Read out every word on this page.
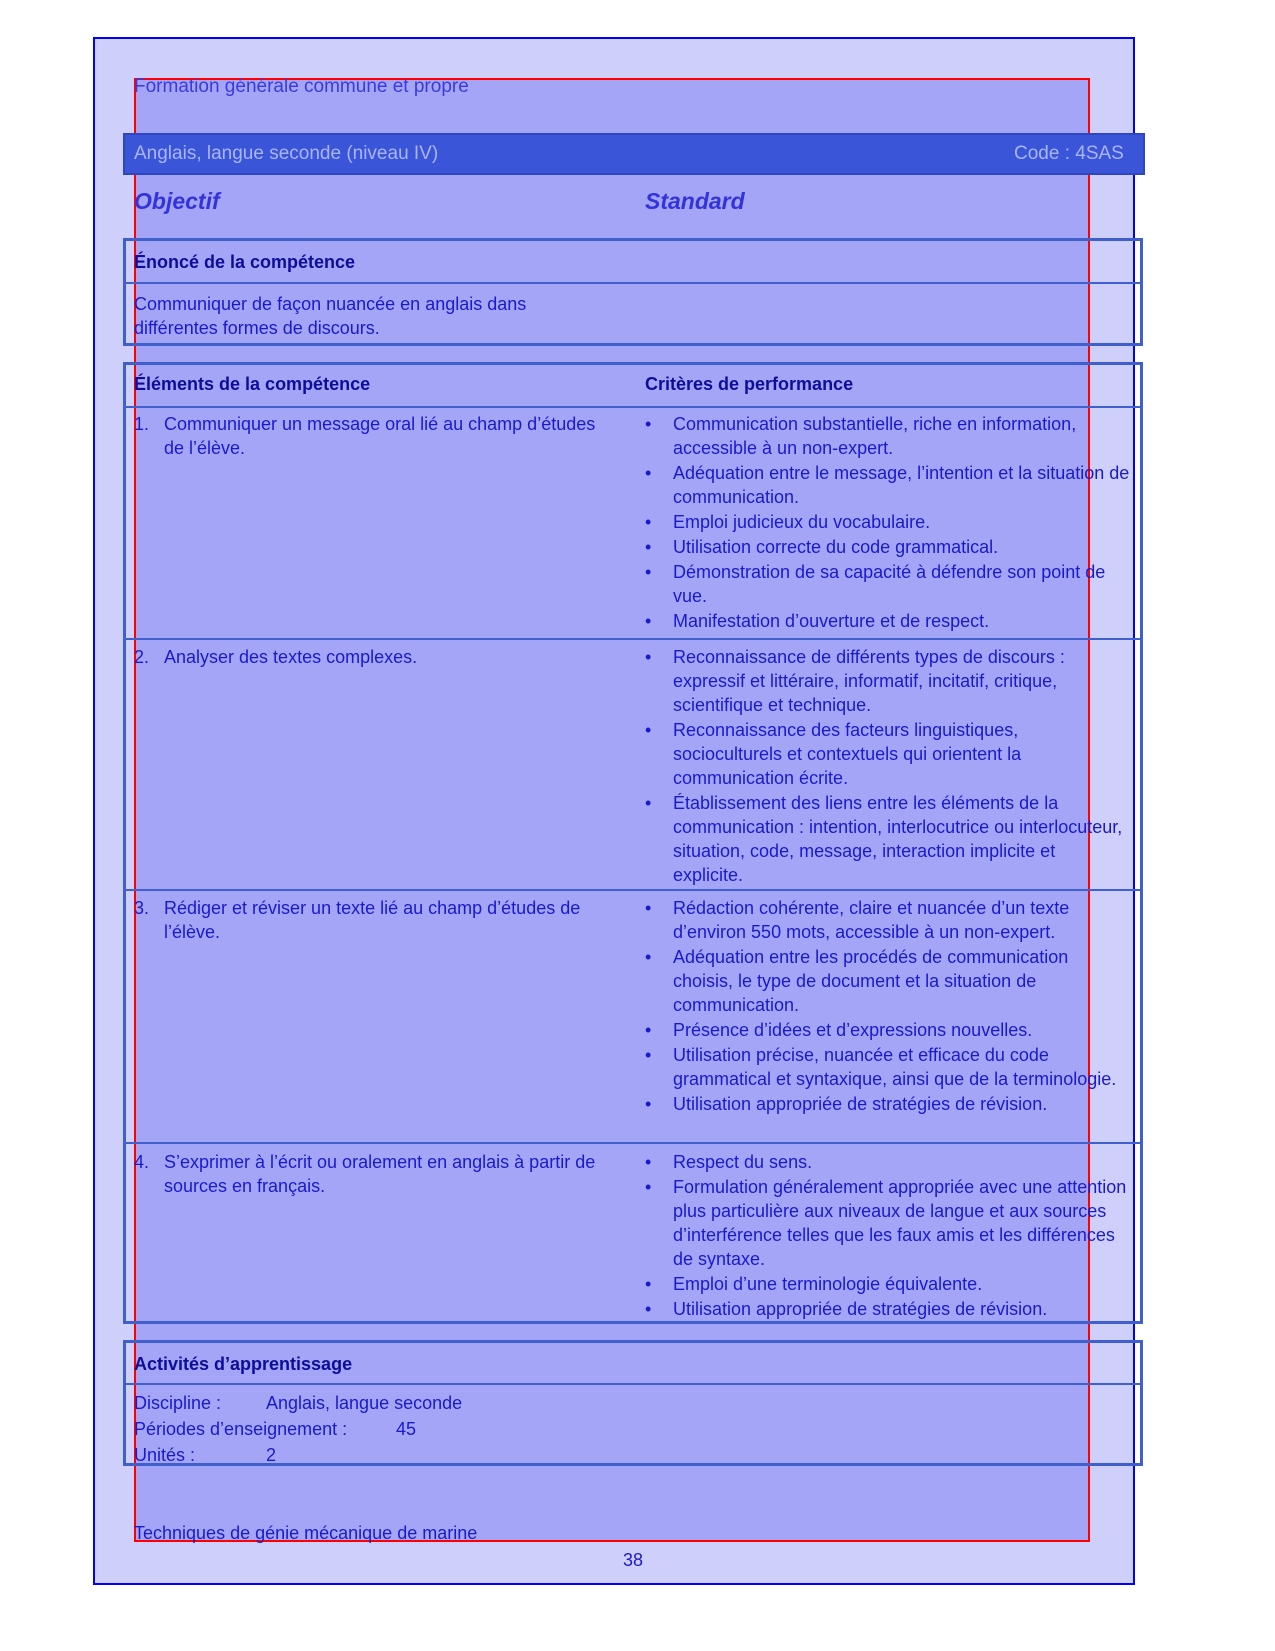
Formation générale commune et propre
Anglais, langue seconde (niveau IV)	Code : 4SAS
Objectif	Standard
Énoncé de la compétence
Communiquer de façon nuancée en anglais dans
différentes formes de discours.
Éléments de la compétence	Critères de performance
1. Communiquer un message oral lié au champ d’études de l’élève.
• Communication substantielle, riche en information, accessible à un non-expert.
• Adéquation entre le message, l’intention et la situation de communication.
• Emploi judicieux du vocabulaire.
• Utilisation correcte du code grammatical.
• Démonstration de sa capacité à défendre son point de vue.
• Manifestation d’ouverture et de respect.
2. Analyser des textes complexes.
•	Reconnaissance de différents types de discours : expressif et littéraire, informatif, incitatif, critique, scientifique et technique.
• Reconnaissance des facteurs linguistiques, socioculturels et contextuels qui orientent la communication écrite.
• Établissement des liens entre les éléments de la communication : intention, interlocutrice ou interlocuteur, situation, code, message, interaction implicite et explicite.
3. Rédiger et réviser un texte lié au champ d’études de l’élève.
• Rédaction cohérente, claire et nuancée d’un texte d’environ 550 mots, accessible à un non-expert.
• Adéquation entre les procédés de communication choisis, le type de document et la situation de communication.
• Présence d’idées et d’expressions nouvelles.
• Utilisation précise, nuancée et efficace du code grammatical et syntaxique, ainsi que de la terminologie.
• Utilisation appropriée de stratégies de révision.
4. S’exprimer à l’écrit ou oralement en anglais à partir de sources en français.
• Respect du sens.
• Formulation généralement appropriée avec une attention plus particulière aux niveaux de langue et aux sources d’interférence telles que les faux amis et les différences de syntaxe.
• Emploi d’une terminologie équivalente.
• Utilisation appropriée de stratégies de révision.
Activités d’apprentissage
Discipline : Anglais, langue seconde
Périodes d’enseignement :	45
Unités :	2
Techniques de génie mécanique de marine
38
